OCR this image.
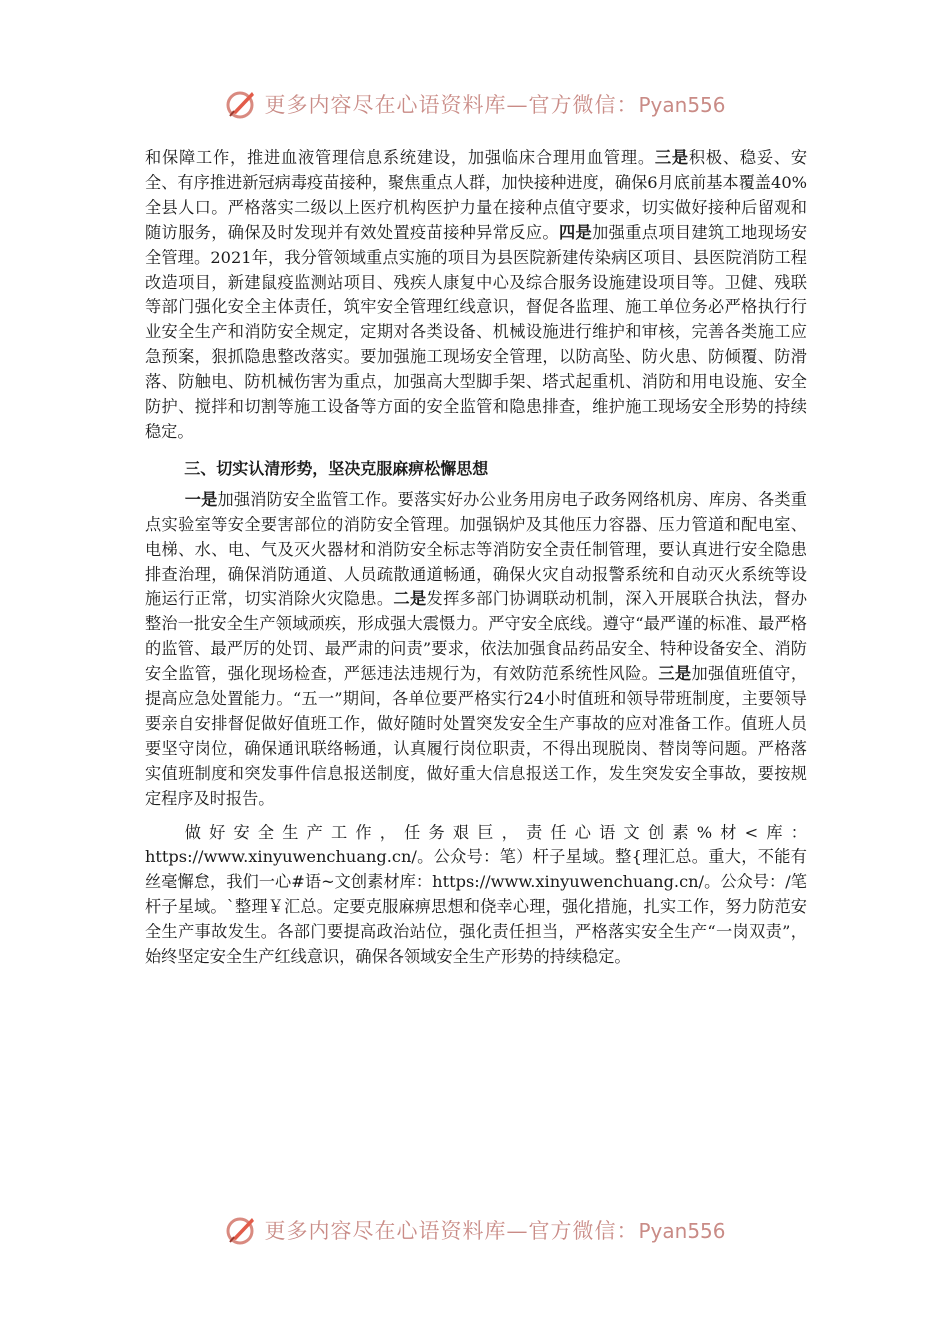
更多内容尽在心语资料库—官方微信：Pyan556

和保障工作，推进血液管理信息系统建设，加强临床合理用血管理。三是积极、稳妥、安全、有序推进新冠病毒疫苗接种，聚焦重点人群，加快接种进度，确保6月底前基本覆盖40%全县人口。严格落实二级以上医疗机构医护力量在接种点值守要求，切实做好接种后留观和随访服务，确保及时发现并有效处置疫苗接种异常反应。四是加强重点项目建筑工地现场安全管理。2021年，我分管领域重点实施的项目为县医院新建传染病区项目、县医院消防工程改造项目，新建鼠疫监测站项目、残疾人康复中心及综合服务设施建设项目等。卫健、残联等部门强化安全主体责任，筑牢安全管理红线意识，督促各监理、施工单位务必严格执行行业安全生产和消防安全规定，定期对各类设备、机械设施进行维护和审核，完善各类施工应急预案，狠抓隐患整改落实。要加强施工现场安全管理，以防高坠、防火患、防倾覆、防滑落、防触电、防机械伤害为重点，加强高大型脚手架、塔式起重机、消防和用电设施、安全防护、搅拌和切割等施工设备等方面的安全监管和隐患排查，维护施工现场安全形势的持续稳定。

三、切实认清形势，坚决克服麻痹松懈思想

一是加强消防安全监管工作。要落实好办公业务用房电子政务网络机房、库房、各类重点实验室等安全要害部位的消防安全管理。加强锅炉及其他压力容器、压力管道和配电室、电梯、水、电、气及灭火器材和消防安全标志等消防安全责任制管理，要认真进行安全隐患排查治理，确保消防通道、人员疏散通道畅通，确保火灾自动报警系统和自动灭火系统等设施运行正常，切实消除火灾隐患。二是发挥多部门协调联动机制，深入开展联合执法，督办整治一批安全生产领域顽疾，形成强大震慑力。严守安全底线。遵守“最严谨的标准、最严格的监管、最严厉的处罚、最严肃的问责”要求，依法加强食品药品安全、特种设备安全、消防安全监管，强化现场检查，严惩违法违规行为，有效防范系统性风险。三是加强值班值守，提高应急处置能力。“五一”期间，各单位要严格实行24小时值班和领导带班制度，主要领导要亲自安排督促做好值班工作，做好随时处置突发安全生产事故的应对准备工作。值班人员要坚守岗位，确保通讯联络畅通，认真履行岗位职责，不得出现脱岗、替岗等问题。严格落实值班制度和突发事件信息报送制度，做好重大信息报送工作，发生突发安全事故，要按规定程序及时报告。

做好安全生产工作，任务艰巨，责任心语文创素%材<库：https://www.xinyuwenchuang.cn/。公众号：笔）杆子星域。整{理汇总。重大，不能有丝毫懈怠，我们一心#语~文创素材库：https://www.xinyuwenchuang.cn/。公众号：/笔杆子星域。`整理￥汇总。定要克服麻痹思想和侥幸心理，强化措施，扎实工作，努力防范安全生产事故发生。各部门要提高政治站位，强化责任担当，严格落实安全生产“一岗双责”，始终坚定安全生产红线意识，确保各领域安全生产形势的持续稳定。

更多内容尽在心语资料库—官方微信：Pyan556
